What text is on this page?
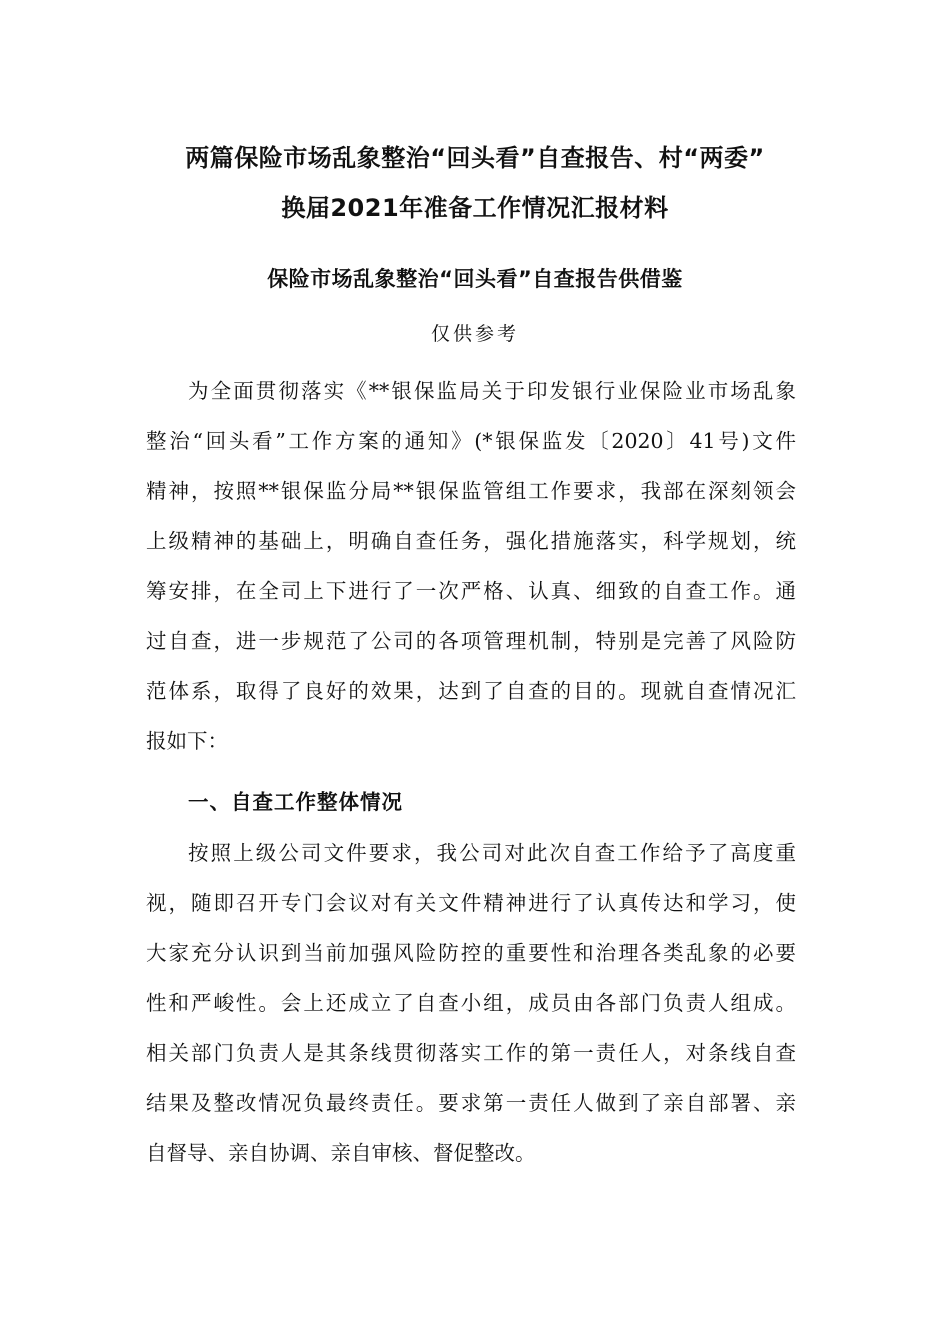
两篇保险市场乱象整治“回头看”自查报告、村“两委”
换届2021年准备工作情况汇报材料
保险市场乱象整治“回头看”自查报告供借鉴
仅供参考
为全面贯彻落实《**银保监局关于印发银行业保险业市场乱象
整治“回头看”工作方案的通知》(*银保监发〔2020〕41号)文件
精神，按照**银保监分局**银保监管组工作要求，我部在深刻领会
上级精神的基础上，明确自查任务，强化措施落实，科学规划，统
筹安排，在全司上下进行了一次严格、认真、细致的自查工作。通
过自查，进一步规范了公司的各项管理机制，特别是完善了风险防
范体系，取得了良好的效果，达到了自查的目的。现就自查情况汇
报如下：
一、自查工作整体情况
按照上级公司文件要求，我公司对此次自查工作给予了高度重
视，随即召开专门会议对有关文件精神进行了认真传达和学习，使
大家充分认识到当前加强风险防控的重要性和治理各类乱象的必要
性和严峻性。会上还成立了自查小组，成员由各部门负责人组成。
相关部门负责人是其条线贯彻落实工作的第一责任人，对条线自查
结果及整改情况负最终责任。要求第一责任人做到了亲自部署、亲
自督导、亲自协调、亲自审核、督促整改。
